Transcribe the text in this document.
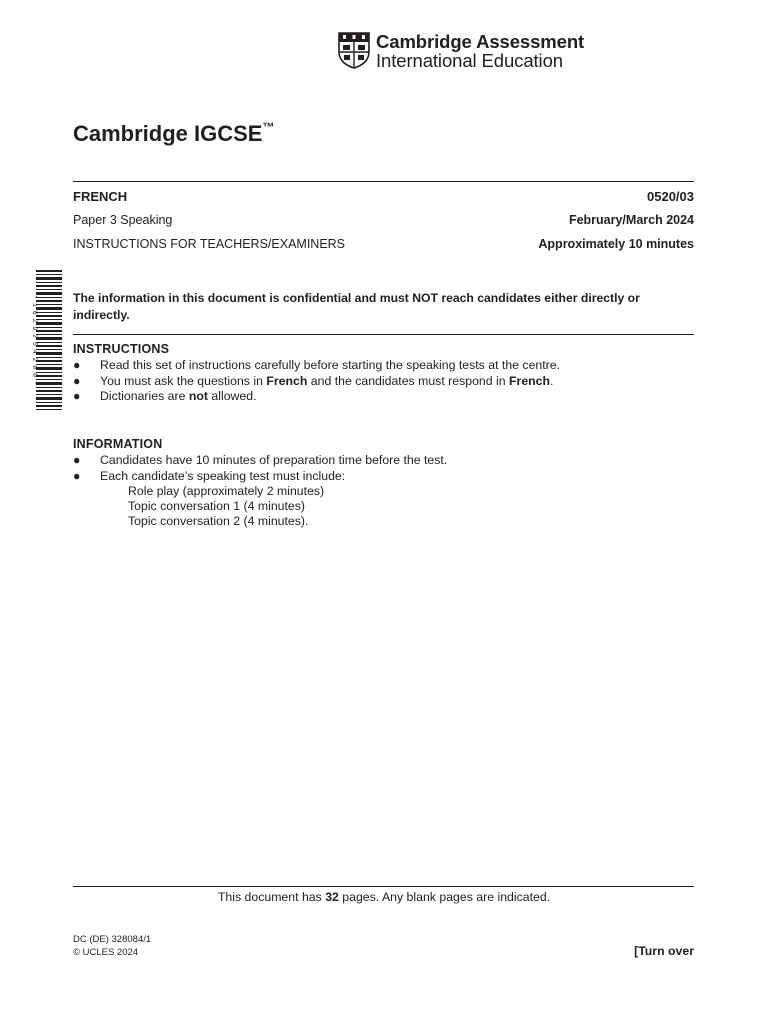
Cambridge Assessment
International Education
Cambridge IGCSE™
FRENCH	0520/03
Paper 3 Speaking	February/March 2024
INSTRUCTIONS FOR TEACHERS/EXAMINERS	Approximately 10 minutes
* 1 6 2 9 2 5 4 2 0 0 *	The information in this document is confidential and must NOT reach candidates either directly or indirectly.
INSTRUCTIONS
●	Read this set of instructions carefully before starting the speaking tests at the centre.
●	You must ask the questions in French and the candidates must respond in French.
●	Dictionaries are not allowed.
INFORMATION
●	Candidates have 10 minutes of preparation time before the test.
●	Each candidate’s speaking test must include:
Role play (approximately 2 minutes)
Topic conversation 1 (4 minutes)
Topic conversation 2 (4 minutes).
This document has 32 pages. Any blank pages are indicated.
DC (DE) 328084/1
© UCLES 2024	[Turn over
